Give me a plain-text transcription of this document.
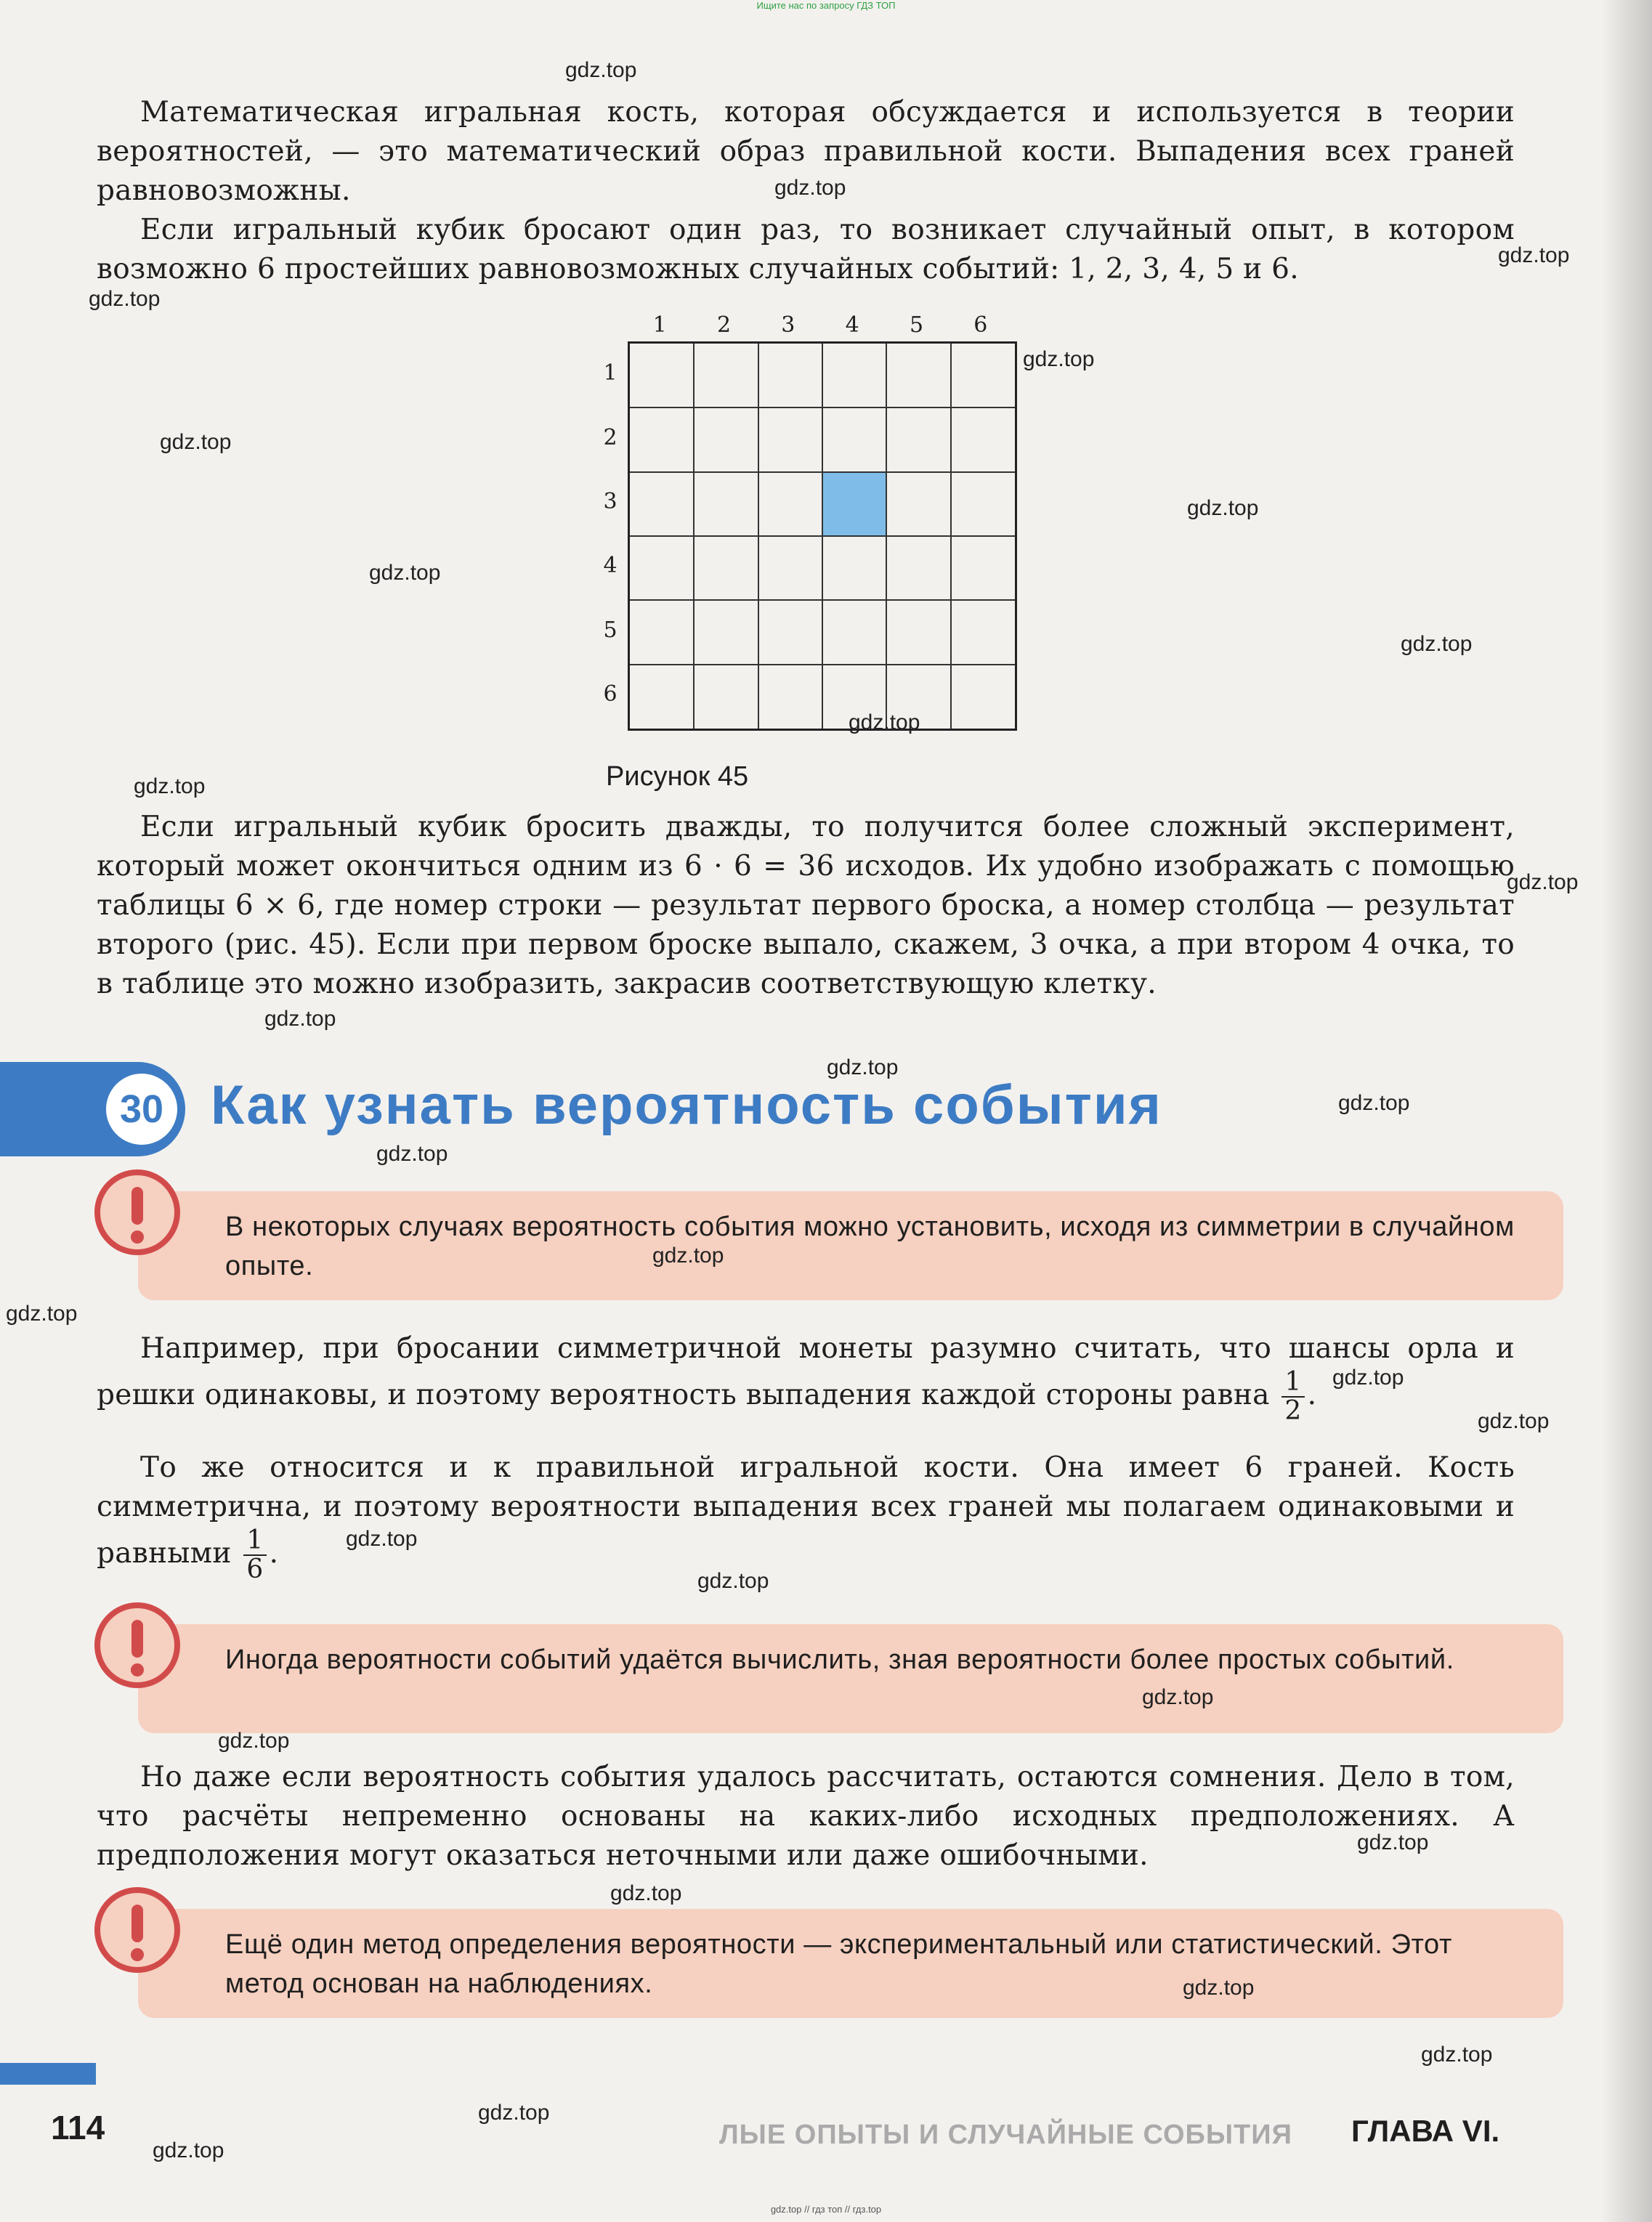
Ищите нас по запросу ГДЗ ТОП

Математическая игральная кость, которая обсуждается и используется в теории вероятностей, — это математический образ правильной кости. Выпадения всех граней равновозможны.

Если игральный кубик бросают один раз, то возникает случайный опыт, в котором возможно 6 простейших равновозможных случайных событий: 1, 2, 3, 4, 5 и 6.

1	2	3	4	5	6
1
2
3
4
5
6
Рисунок 45

Если игральный кубик бросить дважды, то получится более сложный эксперимент, который может окончиться одним из 6 · 6 = 36 исходов. Их удобно изображать с помощью таблицы 6 × 6, где номер строки — результат первого броска, а номер столбца — результат второго (рис. 45). Если при первом броске выпало, скажем, 3 очка, а при втором 4 очка, то в таблице это можно изобразить, закрасив соответствующую клетку.

30 Как узнать вероятность события

В некоторых случаях вероятность события можно установить, исходя из симметрии в случайном опыте.

Например, при бросании симметричной монеты разумно считать, что шансы орла и решки одинаковы, и поэтому вероятность выпадения каждой стороны равна $\frac{1}{2}$ .

То же относится и к правильной игральной кости. Она имеет 6 граней. Кость симметрична, и поэтому вероятности выпадения всех граней мы полагаем одинаковыми и равными $\frac{1}{6}$ .

Иногда вероятности событий удаётся вычислить, зная вероятности более простых событий.

Но даже если вероятность события удалось рассчитать, остаются сомнения. Дело в том, что расчёты непременно основаны на каких-либо исходных предположениях. А предположения могут оказаться неточными или даже ошибочными.

Ещё один метод определения вероятности — экспериментальный или статистический. Этот метод основан на наблюдениях.

114	ЛЫЕ ОПЫТЫ И СЛУЧАЙНЫЕ СОБЫТИЯ ГЛАВА VI.
gdz.top // гдз топ // гдз.top
gdz.top
gdz.top
gdz.top
gdz.top
gdz.top
gdz.top
gdz.top
gdz.top
gdz.top
gdz.top
gdz.top
gdz.top
gdz.top
gdz.top
gdz.top
gdz.top
gdz.top
gdz.top
gdz.top
gdz.top
gdz.top
gdz.top
gdz.top
gdz.top
gdz.top
gdz.top
gdz.top
gdz.top
gdz.top
gdz.top
